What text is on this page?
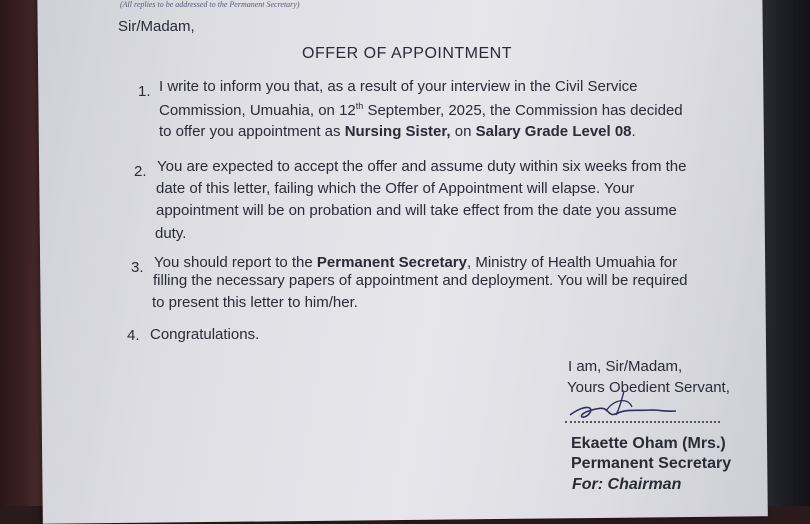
(All replies to be addressed to the Permanent Secretary)
Sir/Madam,
OFFER OF APPOINTMENT
1. I write to inform you that, as a result of your interview in the Civil Service
Commission, Umuahia, on 12th September, 2025, the Commission has decided
to offer you appointment as Nursing Sister, on Salary Grade Level 08.
2. You are expected to accept the offer and assume duty within six weeks from the
date of this letter, failing which the Offer of Appointment will elapse. Your
appointment will be on probation and will take effect from the date you assume
duty.
3. You should report to the Permanent Secretary, Ministry of Health Umuahia for
filling the necessary papers of appointment and deployment. You will be required
to present this letter to him/her.
4. Congratulations.
I am, Sir/Madam,
Yours Obedient Servant,
Ekaette Oham (Mrs.)
Permanent Secretary
For: Chairman
